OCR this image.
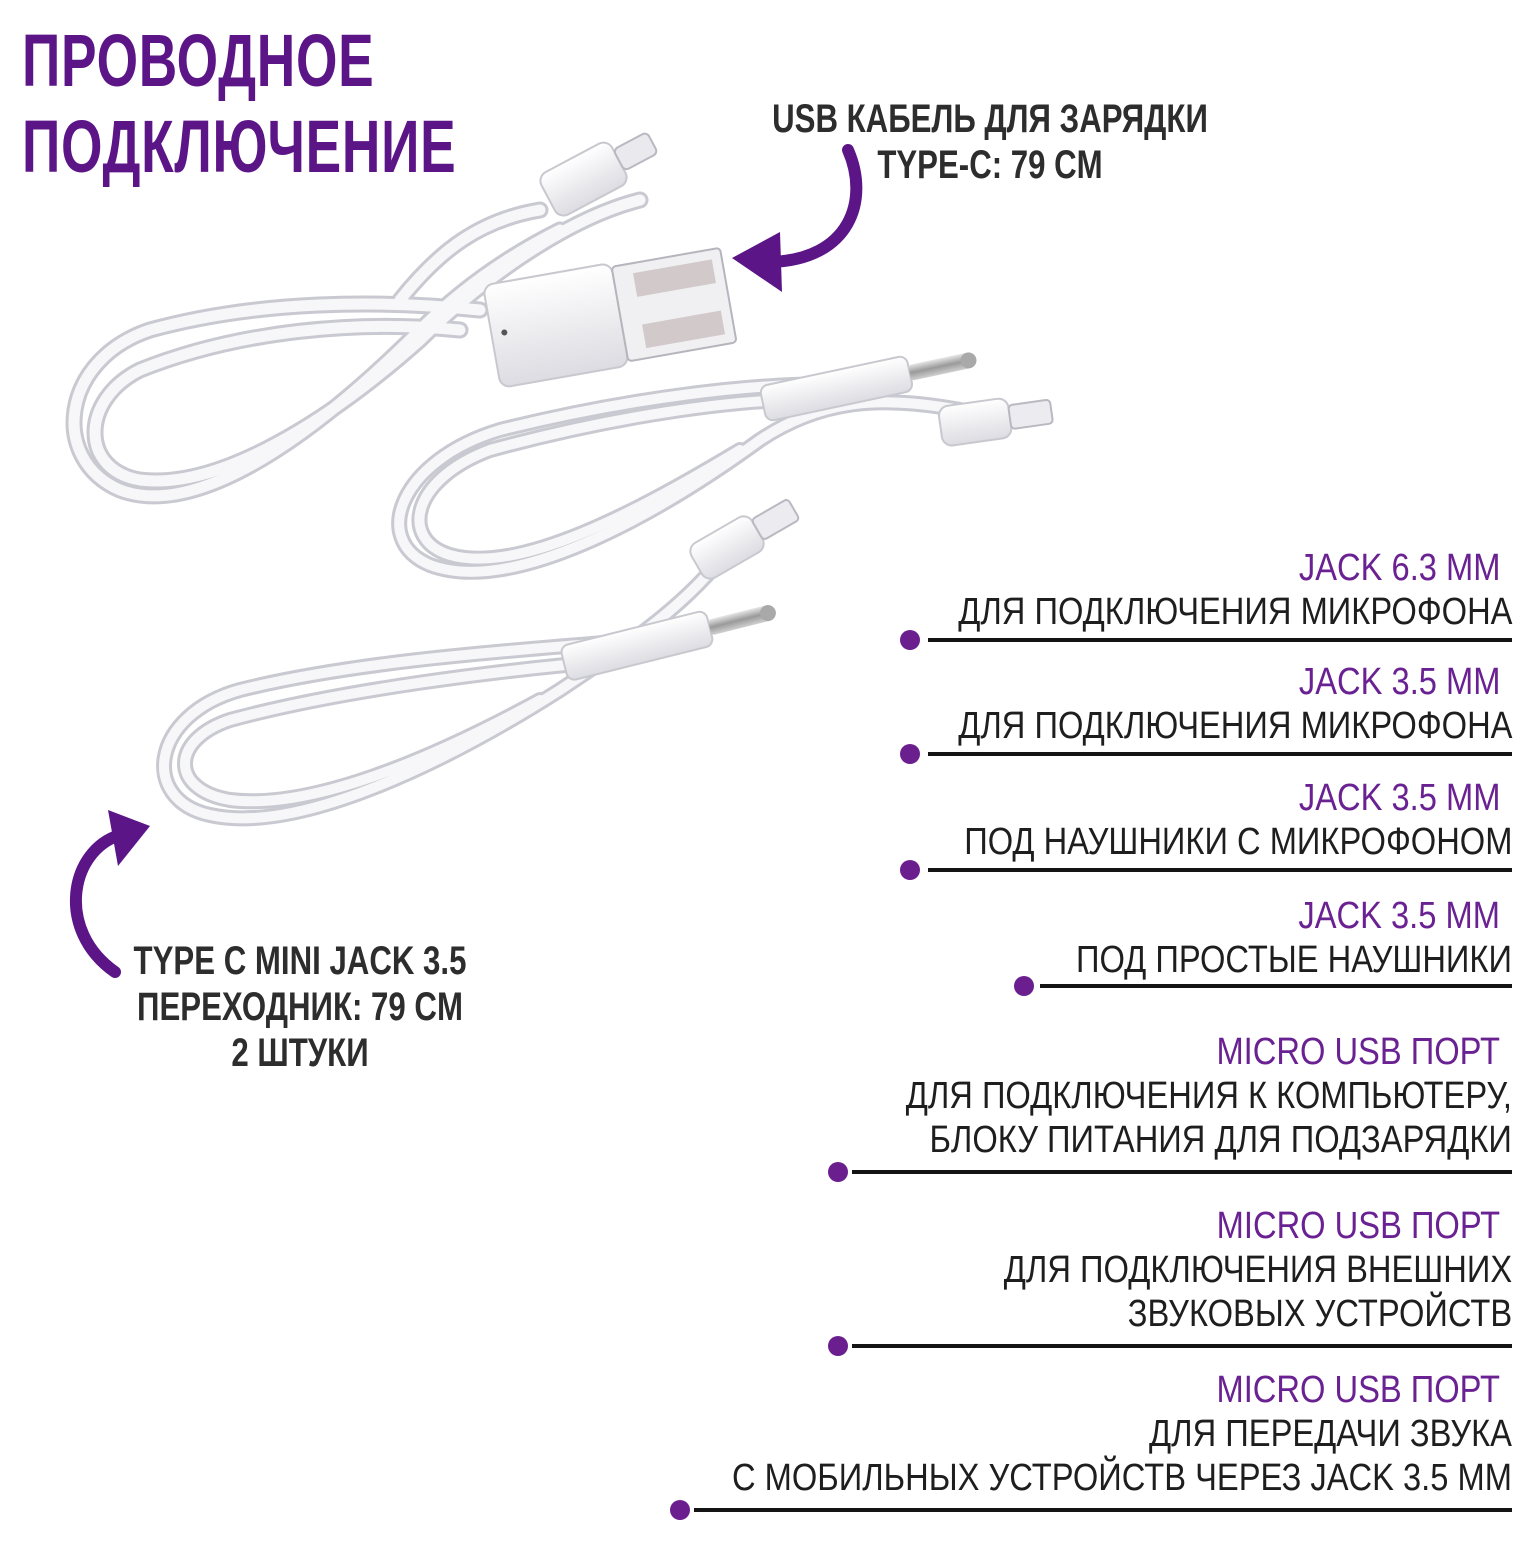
ПРОВОДНОЕ
ПОДКЛЮЧЕНИЕ	USB КАБЕЛЬ ДЛЯ ЗАРЯДКИ
TYPE-C: 79 CM
TYPE C MINI JACK 3.5
ПЕРЕХОДНИК: 79 CM
2 ШТУКИ
JACK 6.3 MM
ДЛЯ ПОДКЛЮЧЕНИЯ МИКРОФОНА
JACK 3.5 MM
ДЛЯ ПОДКЛЮЧЕНИЯ МИКРОФОНА
JACK 3.5 MM
ПОД НАУШНИКИ С МИКРОФОНОМ
JACK 3.5 MM
ПОД ПРОСТЫЕ НАУШНИКИ
MICRO USB ПОРТ
ДЛЯ ПОДКЛЮЧЕНИЯ К КОМПЬЮТЕРУ,
БЛОКУ ПИТАНИЯ ДЛЯ ПОДЗАРЯДКИ
MICRO USB ПОРТ
ДЛЯ ПОДКЛЮЧЕНИЯ ВНЕШНИХ
ЗВУКОВЫХ УСТРОЙСТВ
MICRO USB ПОРТ
ДЛЯ ПЕРЕДАЧИ ЗВУКА
С МОБИЛЬНЫХ УСТРОЙСТВ ЧЕРЕЗ JACK 3.5 MM
